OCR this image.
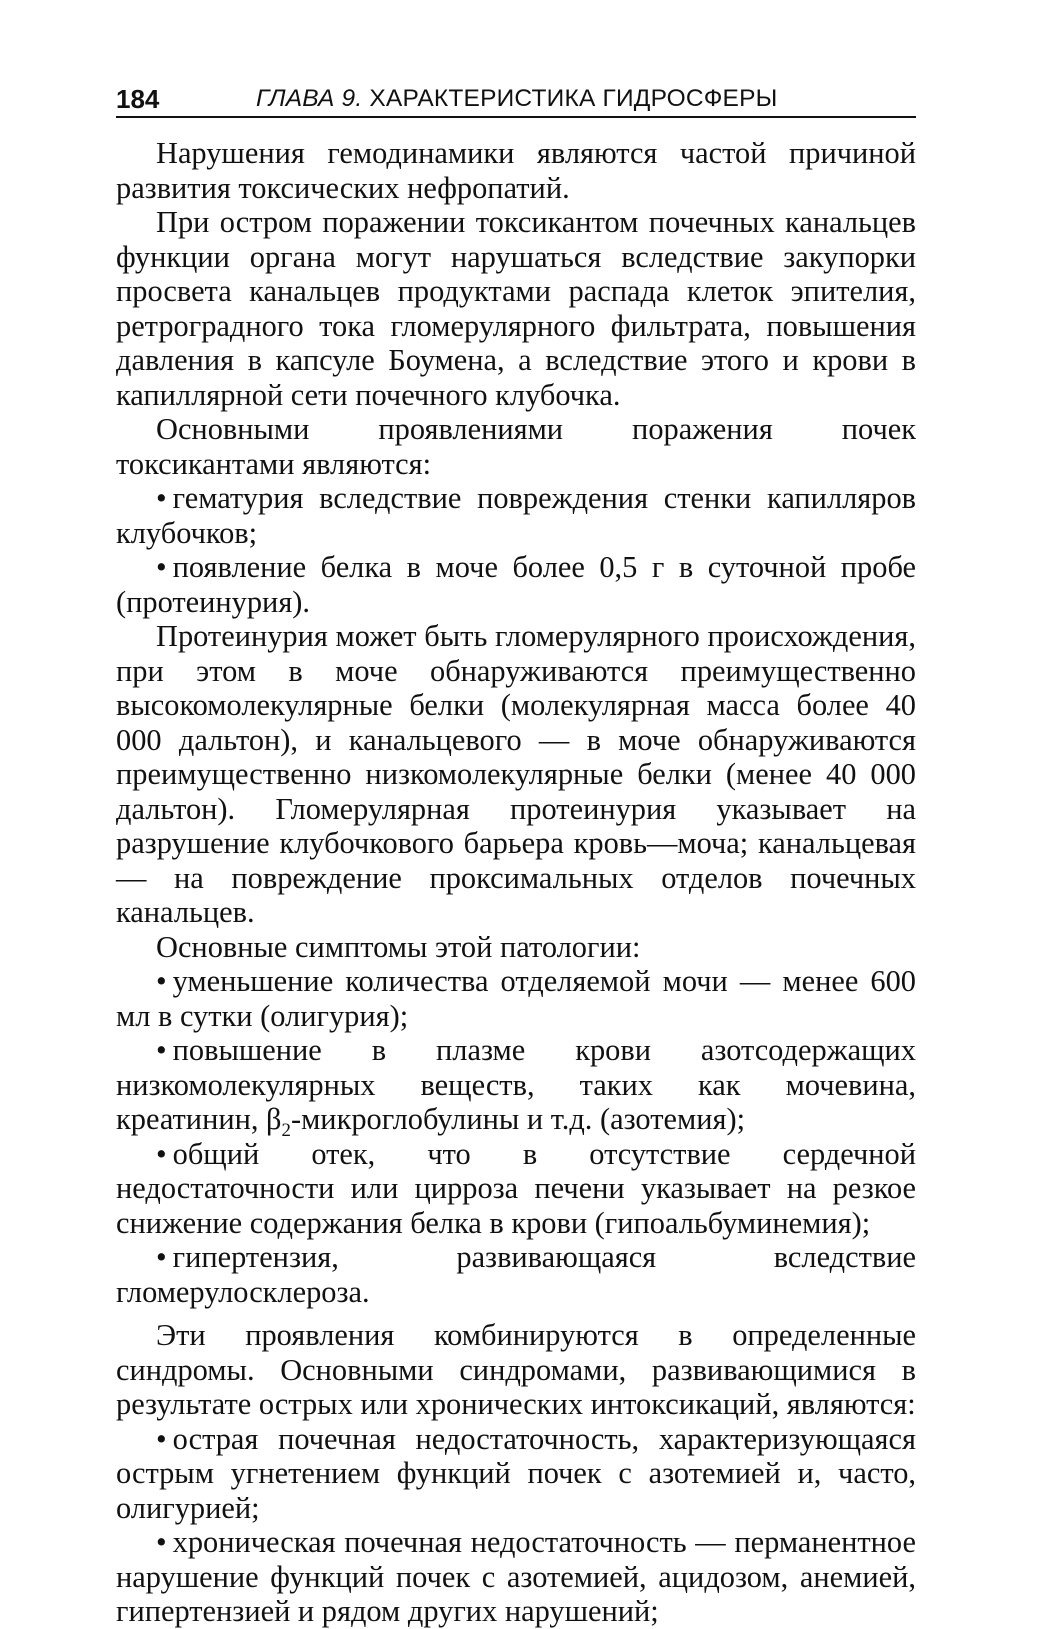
184	ГЛАВА 9. ХАРАКТЕРИСТИКА ГИДРОСФЕРЫ

Нарушения гемодинамики являются частой причиной развития токсических нефропатий.

При остром поражении токсикантом почечных канальцев функции органа могут нарушаться вследствие закупорки просвета канальцев продуктами распада клеток эпителия, ретроградного тока гломерулярного фильтрата, повышения давления в капсуле Боумена, а вследствие этого и крови в капиллярной сети почечного клубочка.

Основными проявлениями поражения почек токсикантами являются:

• гематурия вследствие повреждения стенки капилляров клубочков;

• появление белка в моче более 0,5 г в суточной пробе (протеинурия).

Протеинурия может быть гломерулярного происхождения, при этом в моче обнаруживаются преимущественно высокомолекулярные белки (молекулярная масса более 40 000 дальтон), и канальцевого — в моче обнаруживаются преимущественно низкомолекулярные белки (менее 40 000 дальтон). Гломерулярная протеинурия указывает на разрушение клубочкового барьера кровь—моча; канальцевая — на повреждение проксимальных отделов почечных канальцев.

Основные симптомы этой патологии:

• уменьшение количества отделяемой мочи — менее 600 мл в сутки (олигурия);

• повышение в плазме крови азотсодержащих низкомолекулярных веществ, таких как мочевина, креатинин, $\beta_2$-микроглобулины и т.д. (азотемия);

• общий отек, что в отсутствие сердечной недостаточности или цирроза печени указывает на резкое снижение содержания белка в крови (гипоальбуминемия);

• гипертензия, развивающаяся вследствие гломерулосклероза.

Эти проявления комбинируются в определенные синдромы. Основными синдромами, развивающимися в результате острых или хронических интоксикаций, являются:

• острая почечная недостаточность, характеризующаяся острым угнетением функций почек с азотемией и, часто, олигурией;

• хроническая почечная недостаточность — перманентное нарушение функций почек с азотемией, ацидозом, анемией, гипертензией и рядом других нарушений;
